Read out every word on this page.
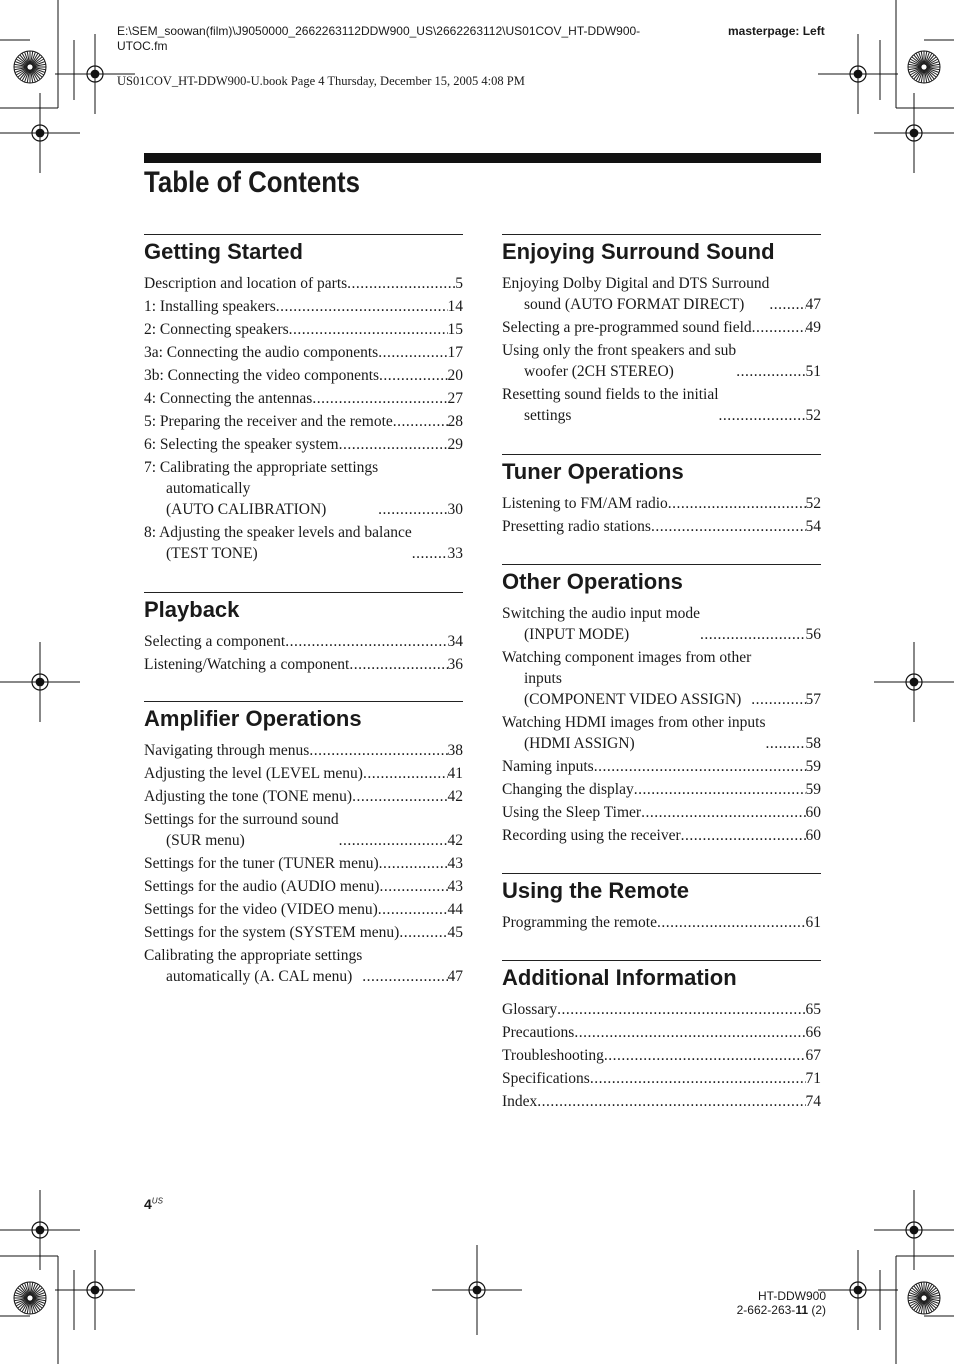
E:\SEM_soowan(film)\J9050000_2662263112DDW900_US\2662263112\US01COV_HT-DDW900-UTOC.fm
masterpage: Left
US01COV_HT-DDW900-U.book Page 4 Thursday, December 15, 2005 4:08 PM
Table of Contents
Getting Started
Description and location of parts .....	5
1: Installing speakers .....	14
2: Connecting speakers .....	15
3a: Connecting the audio components .....	17
3b: Connecting the video components .....	20
4: Connecting the antennas .....	27
5: Preparing the receiver and the remote .....	28
6: Selecting the speaker system .....	29
7: Calibrating the appropriate settings
automatically
(AUTO CALIBRATION) .....	30
8: Adjusting the speaker levels and balance
(TEST TONE) .....	33
Playback
Selecting a component .....	34
Listening/Watching a component .....	36
Amplifier Operations
Navigating through menus .....	38
Adjusting the level (LEVEL menu) .....	41
Adjusting the tone (TONE menu) .....	42
Settings for the surround sound
(SUR menu) .....	42
Settings for the tuner (TUNER menu) .....	43
Settings for the audio (AUDIO menu) .....	43
Settings for the video (VIDEO menu) .....	44
Settings for the system (SYSTEM menu) .....	45
Calibrating the appropriate settings
automatically (A. CAL menu) .....	47
Enjoying Surround Sound
Enjoying Dolby Digital and DTS Surround
sound (AUTO FORMAT DIRECT) .....	47
Selecting a pre-programmed sound field .....	49
Using only the front speakers and sub
woofer (2CH STEREO) .....	51
Resetting sound fields to the initial
settings .....	52
Tuner Operations
Listening to FM/AM radio .....	52
Presetting radio stations .....	54
Other Operations
Switching the audio input mode
(INPUT MODE) .....	56
Watching component images from other
inputs
(COMPONENT VIDEO ASSIGN) .....	57
Watching HDMI images from other inputs
(HDMI ASSIGN) .....	58
Naming inputs .....	59
Changing the display .....	59
Using the Sleep Timer .....	60
Recording using the receiver .....	60
Using the Remote
Programming the remote .....	61
Additional Information
Glossary .....	65
Precautions .....	66
Troubleshooting .....	67
Specifications .....	71
Index .....	74
$4^{US}$
HT-DDW900
2-662-263-11 (2)
